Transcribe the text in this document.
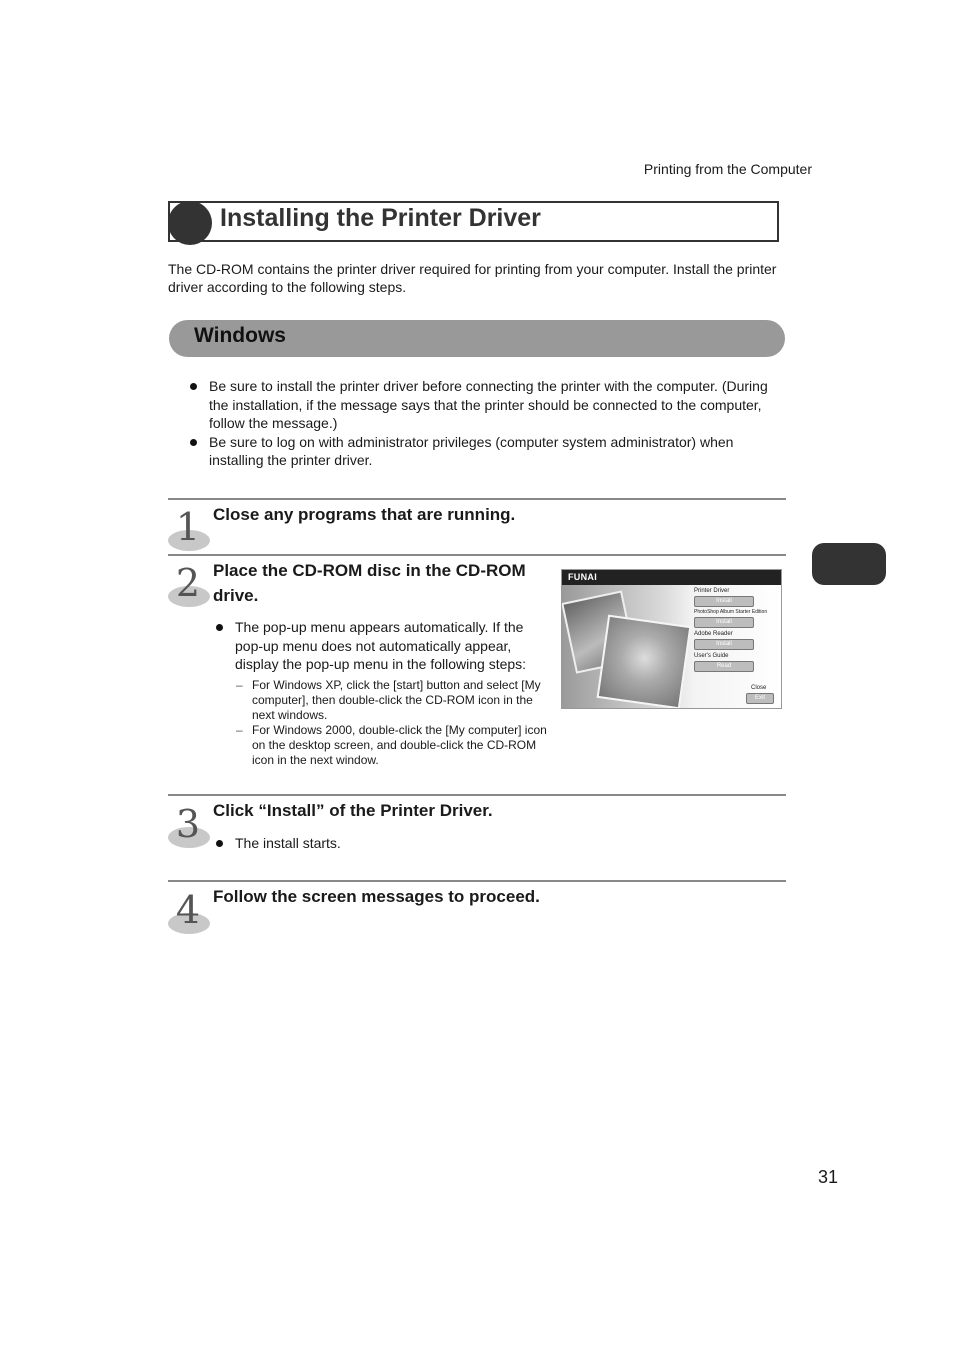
Printing from the Computer
Installing the Printer Driver
The CD-ROM contains the printer driver required for printing from your computer. Install the printer driver according to the following steps.
Windows
Be sure to install the printer driver before connecting the printer with the computer. (During the installation, if the message says that the printer should be connected to the computer, follow the message.)
Be sure to log on with administrator privileges (computer system administrator) when installing the printer driver.
1 Close any programs that are running.
2 Place the CD-ROM disc in the CD-ROM drive.
The pop-up menu appears automatically. If the pop-up menu does not automatically appear, display the pop-up menu in the following steps:
– For Windows XP, click the [start] button and select [My computer], then double-click the CD-ROM icon in the next windows.
– For Windows 2000, double-click the [My computer] icon on the desktop screen, and double-click the CD-ROM icon in the next window.
FUNAI
Printer Driver
Install
PhotoShop Album Starter Edition
Install
Adobe Reader
Install
User's Guide
Read
Close
Exit
3 Click “Install” of the Printer Driver.
The install starts.
4 Follow the screen messages to proceed.
31
